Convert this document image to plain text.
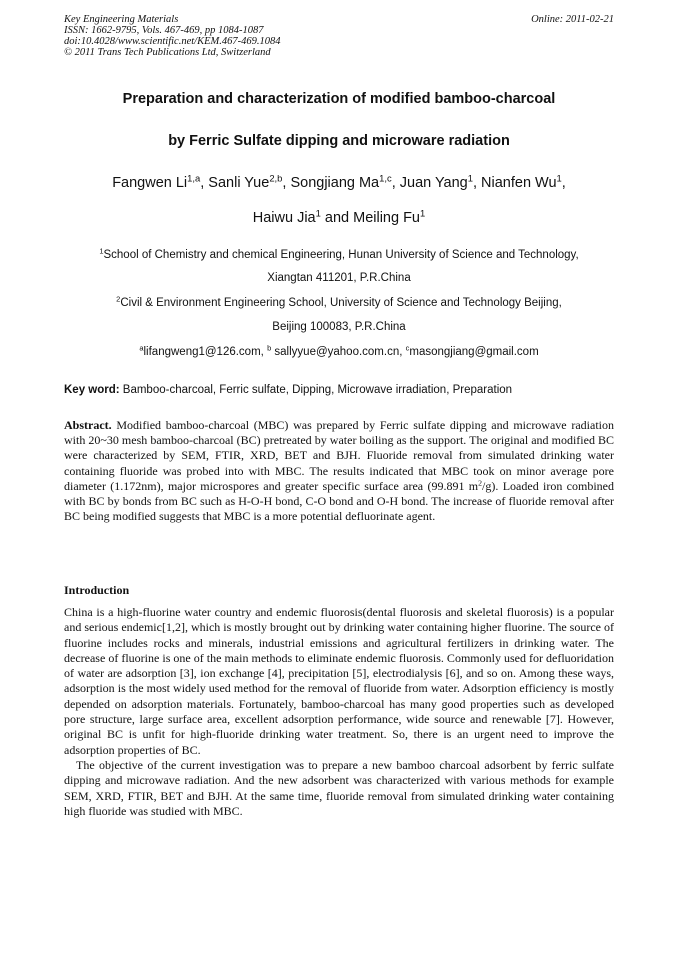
Key Engineering Materials
ISSN: 1662-9795, Vols. 467-469, pp 1084-1087
doi:10.4028/www.scientific.net/KEM.467-469.1084
© 2011 Trans Tech Publications Ltd, Switzerland
Online: 2011-02-21
Preparation and characterization of modified bamboo-charcoal
by Ferric Sulfate dipping and microware radiation
Fangwen Li$^{1,a}$, Sanli Yue$^{2,b}$, Songjiang Ma$^{1,c}$, Juan Yang$^1$, Nianfen Wu$^1$,
Haiwu Jia$^1$ and Meiling Fu$^1$
$^1$School of Chemistry and chemical Engineering, Hunan University of Science and Technology,
Xiangtan 411201, P.R.China
$^2$Civil & Environment Engineering School, University of Science and Technology Beijing,
Beijing 100083, P.R.China
$^a$lifangweng1@126.com, $^b$ sallyyue@yahoo.com.cn, $^c$masongjiang@gmail.com
Key word: Bamboo-charcoal, Ferric sulfate, Dipping, Microwave irradiation, Preparation
Abstract. Modified bamboo-charcoal (MBC) was prepared by Ferric sulfate dipping and microwave radiation with 20~30 mesh bamboo-charcoal (BC) pretreated by water boiling as the support. The original and modified BC were characterized by SEM, FTIR, XRD, BET and BJH. Fluoride removal from simulated drinking water containing fluoride was probed into with MBC. The results indicated that MBC took on minor average pore diameter (1.172nm), major microspores and greater specific surface area (99.891 $m^2/g$). Loaded iron combined with BC by bonds from BC such as H-O-H bond, C-O bond and O-H bond. The increase of fluoride removal after BC being modified suggests that MBC is a more potential defluorinate agent.
Introduction

China is a high-fluorine water country and endemic fluorosis(dental fluorosis and skeletal fluorosis) is a popular and serious endemic[1,2], which is mostly brought out by drinking water containing higher fluorine. The source of fluorine includes rocks and minerals, industrial emissions and agricultural fertilizers in drinking water. The decrease of fluorine is one of the main methods to eliminate endemic fluorosis. Commonly used for defluoridation of water are adsorption [3], ion exchange [4], precipitation [5], electrodialysis [6], and so on. Among these ways, adsorption is the most widely used method for the removal of fluoride from water. Adsorption efficiency is mostly depended on adsorption materials. Fortunately, bamboo-charcoal has many good properties such as developed pore structure, large surface area, excellent adsorption performance, wide source and renewable [7]. However, original BC is unfit for high-fluoride drinking water treatment. So, there is an urgent need to improve the adsorption properties of BC.

The objective of the current investigation was to prepare a new bamboo charcoal adsorbent by ferric sulfate dipping and microwave radiation. And the new adsorbent was characterized with various methods for example SEM, XRD, FTIR, BET and BJH. At the same time, fluoride removal from simulated drinking water containing high fluoride was studied with MBC.
